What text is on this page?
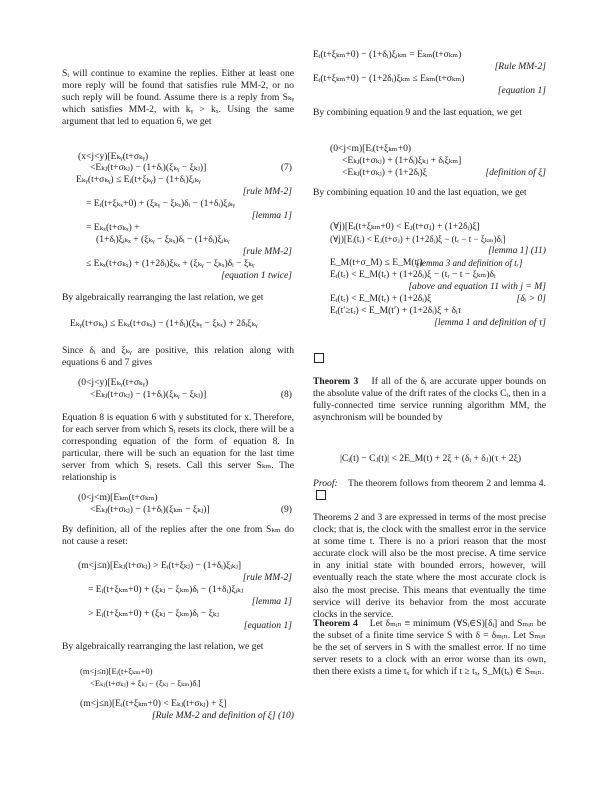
Sᵢ will continue to examine the replies. Either at least one more reply will be found that satisfies rule MM-2, or no such reply will be found. Assume there is a reply from Sₖᵧ which satisfies MM-2, with kᵧ > kₓ. Using the same argument that led to equation 6, we get
(x<j<y)[Eₖᵧ(t+σₖᵧ)
<Eₖⱼ(t+σₖⱼ) − (1+δᵢ)(ξₖᵧ − ξₖⱼ)]	(7)
Eₖᵧ(t+σₖᵧ) ≤ Eᵢ(t+ξₖᵧ) − (1+δᵢ)ξᵢₖᵧ
[rule MM-2]
= Eᵢ(t+ξₖₓ+0) + (ξₖᵧ − ξₖₓ)δᵢ − (1+δᵢ)ξᵢₖᵧ
[lemma 1]
= Eₖₓ(t+σₖₓ) +
(1+δᵢ)ξᵢₖₓ + (ξₖᵧ − ξₖₓ)δᵢ − (1+δᵢ)ξᵢₖᵧ
[rule MM-2]
≤ Eₖₓ(t+σₖₓ) + (1+2δᵢ)ξₖₓ + (ξₖᵧ − ξₖₓ)δᵢ − ξₖᵧ
[equation 1 twice]
By algebraically rearranging the last relation, we get
Eₖᵧ(t+σₖᵧ) ≤ Eₖₓ(t+σₖₓ) − (1+δᵢ)(ξₖᵧ − ξₖₓ) + 2δᵢξₖᵧ
Since δᵢ and ξₖᵧ are positive, this relation along with equations 6 and 7 gives
(0<j<y)[Eₖᵧ(t+σₖᵧ)
<Eₖⱼ(t+σₖⱼ) − (1+δᵢ)(ξₖᵧ − ξₖⱼ)]	(8)
Equation 8 is equation 6 with y substituted for x. Therefore, for each server from which Sᵢ resets its clock, there will be a corresponding equation of the form of equation 8. In particular, there will be such an equation for the last time server from which Sᵢ resets. Call this server Sₖₘ. The relationship is
(0<j<m)[Eₖₘ(t+σₖₘ)
<Eₖⱼ(t+σₖⱼ) − (1+δᵢ)(ξₖₘ − ξₖⱼ)]	(9)
By definition, all of the replies after the one from Sₖₘ do not cause a reset:
(m<j≤n)[Eₖⱼ(t+σₖⱼ) > Eᵢ(t+ξₖⱼ) − (1+δᵢ)ξᵢₖⱼ]
[rule MM-2]
= Eᵢ(t+ξₖₘ+0) + (ξₖⱼ − ξₖₘ)δᵢ − (1+δᵢ)ξᵢₖⱼ
[lemma 1]
> Eᵢ(t+ξₖₘ+0) + (ξₖⱼ − ξₖₘ)δᵢ − ξₖⱼ
[equation 1]
By algebraically rearranging the last relation, we get
(m<j≤n)[Eᵢ(t+ξₖₘ+0)
<Eₖⱼ(t+σₖⱼ) + ξₖⱼ − (ξₖⱼ − ξₖₘ)δᵢ]
(m<j≤n)[Eᵢ(t+ξₖₘ+0) < Eₖⱼ(t+σₖⱼ) + ξ]
[Rule MM-2 and definition of ξ] (10)
Eᵢ(t+ξₖₘ+0) − (1+δᵢ)ξᵢₖₘ = Eₖₘ(t+σₖₘ)
[Rule MM-2]
Eᵢ(t+ξₖₘ+0) − (1+2δᵢ)ξₖₘ ≤ Eₖₘ(t+σₖₘ)
[equation 1]
By combining equation 9 and the last equation, we get
(0<j<m)[Eᵢ(t+ξₖₘ+0)
<Eₖⱼ(t+σₖⱼ) + (1+δᵢ)ξₖⱼ + δᵢξₖₘ]
<Eₖⱼ(t+σₖⱼ) + (1+2δᵢ)ξ	[definition of ξ]
By combining equation 10 and the last equation, we get
(∀j)[Eᵢ(t+ξₖₘ+0) < Eⱼ(t+σⱼ) + (1+2δᵢ)ξ]
(∀j)[Eᵢ(tᵣ) < Eⱼ(t+σⱼ) + (1+2δᵢ)ξ − (tᵣ − t − ξₖₘ)δᵢ]
[lemma 1] (11)
E_M(t+σ_M) ≤ E_M(tᵣ)
[lemma 3 and definition of tᵣ]
Eᵢ(tᵣ) < E_M(tᵣ) + (1+2δᵢ)ξ − (tᵣ − t − ξₖₘ)δᵢ
[above and equation 11 with j = M]
Eᵢ(tᵣ) < E_M(tᵣ) + (1+2δᵢ)ξ	[δᵢ > 0]
Eᵢ(t′≥tᵣ) < E_M(t′) + (1+2δᵢ)ξ + δᵢτ
[lemma 1 and definition of τ]
Theorem 3 If all of the δᵢ are accurate upper bounds on the absolute value of the drift rates of the clocks Cᵢ, then in a fully-connected time service running algorithm MM, the asynchronism will be bounded by
|Cᵢ(t) − Cⱼ(t)| < 2E_M(t) + 2ξ + (δᵢ + δⱼ)(τ + 2ξ)
Proof: The theorem follows from theorem 2 and lemma 4.
Theorems 2 and 3 are expressed in terms of the most precise clock; that is, the clock with the smallest error in the service at some time t. There is no a priori reason that the most accurate clock will also be the most precise. A time service in any initial state with bounded errors, however, will eventually reach the state where the most accurate clock is also the most precise. This means that eventually the time service will derive its behavior from the most accurate clocks in the service.
Theorem 4 Let δₘᵢₙ ≡ minimum (∀Sᵢ∈S)[δᵢ] and Sₘᵢₙ be the subset of a finite time service S with δ = δₘᵢₙ. Let Sₘᵢₙ be the set of servers in S with the smallest error. If no time server resets to a clock with an error worse than its own, then there exists a time tₓ for which if t ≥ tₓ, S_M(tₓ) ∈ Sₘᵢₙ.
